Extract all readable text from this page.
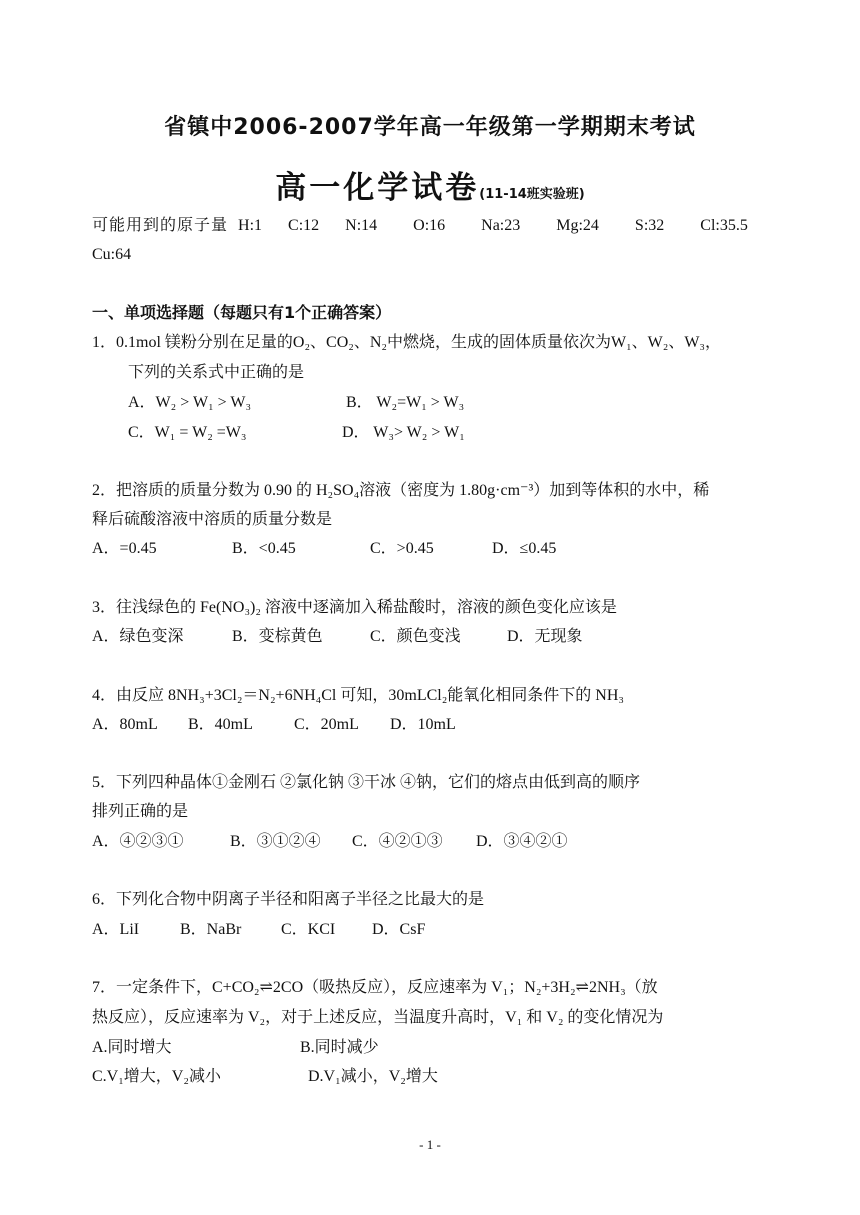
省镇中2006-2007学年高一年级第一学期期末考试
高一化学试卷(11-14班实验班)
可能用到的原子量 H:1 C:12 N:14 O:16 Na:23 Mg:24 S:32 Cl:35.5
Cu:64
一、单项选择题（每题只有1个正确答案）
1．0.1mol 镁粉分别在足量的O₂、CO₂、N₂中燃烧，生成的固体质量依次为W₁、W₂、W₃，
下列的关系式中正确的是
A．W₂ > W₁ > W₃	B． W₂=W₁ > W₃
C．W₁ = W₂ =W₃	D． W₃> W₂ > W₁
2．把溶质的质量分数为 0.90 的 H₂SO₄溶液（密度为 1.80g·cm⁻³）加到等体积的水中，稀
释后硫酸溶液中溶质的质量分数是
A．=0.45	B．<0.45	C．>0.45	D．≤0.45
3．往浅绿色的 Fe(NO₃)₂ 溶液中逐滴加入稀盐酸时，溶液的颜色变化应该是
A．绿色变深	B．变棕黄色	C．颜色变浅	D．无现象
4．由反应 8NH₃+3Cl₂＝N₂+6NH₄Cl 可知，30mLCl₂能氧化相同条件下的 NH₃
A．80mL B．40mL	C．20mL D．10mL
5．下列四种晶体①金刚石 ②氯化钠 ③干冰 ④钠，它们的熔点由低到高的顺序
排列正确的是
A．④②③①	B．③①②④ C．④②①③ D．③④②①
6．下列化合物中阴离子半径和阳离子半径之比最大的是
A．LiI	B．NaBr C．KCI D．CsF
7．一定条件下，C+CO₂⇌2CO（吸热反应），反应速率为 V₁；N₂+3H₂⇌2NH₃（放
热反应），反应速率为 V₂，对于上述反应，当温度升高时，V₁ 和 V₂ 的变化情况为
A.同时增大	B.同时减少
C.V₁增大，V₂减小	D.V₁减小，V₂增大
- 1 -
